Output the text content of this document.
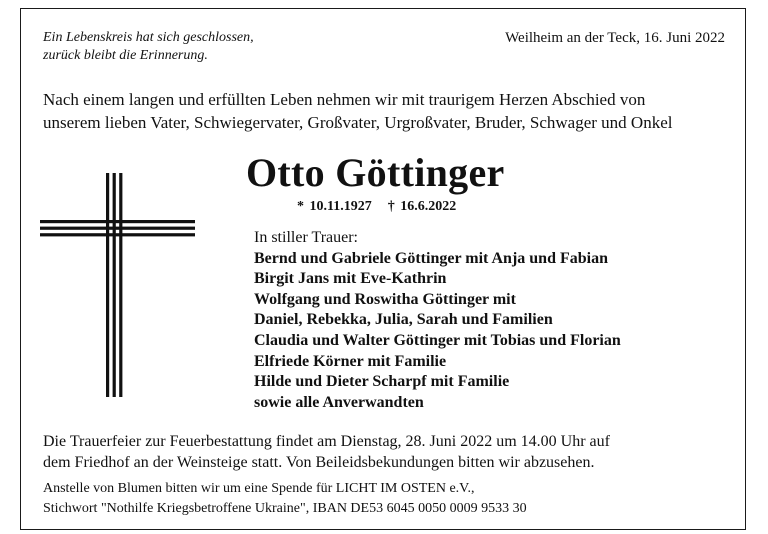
Ein Lebenskreis hat sich geschlossen,
zurück bleibt die Erinnerung.
Weilheim an der Teck, 16. Juni 2022
Nach einem langen und erfüllten Leben nehmen wir mit traurigem Herzen Abschied von
unserem lieben Vater, Schwiegervater, Großvater, Urgroßvater, Bruder, Schwager und Onkel
Otto Göttinger
* 10.11.1927 † 16.6.2022
In stiller Trauer:
Bernd und Gabriele Göttinger mit Anja und Fabian
Birgit Jans mit Eve-Kathrin
Wolfgang und Roswitha Göttinger mit
Daniel, Rebekka, Julia, Sarah und Familien
Claudia und Walter Göttinger mit Tobias und Florian
Elfriede Körner mit Familie
Hilde und Dieter Scharpf mit Familie
sowie alle Anverwandten
Die Trauerfeier zur Feuerbestattung findet am Dienstag, 28. Juni 2022 um 14.00 Uhr auf
dem Friedhof an der Weinsteige statt. Von Beileidsbekundungen bitten wir abzusehen.
Anstelle von Blumen bitten wir um eine Spende für LICHT IM OSTEN e.V.,
Stichwort "Nothilfe Kriegsbetroffene Ukraine", IBAN DE53 6045 0050 0009 9533 30
